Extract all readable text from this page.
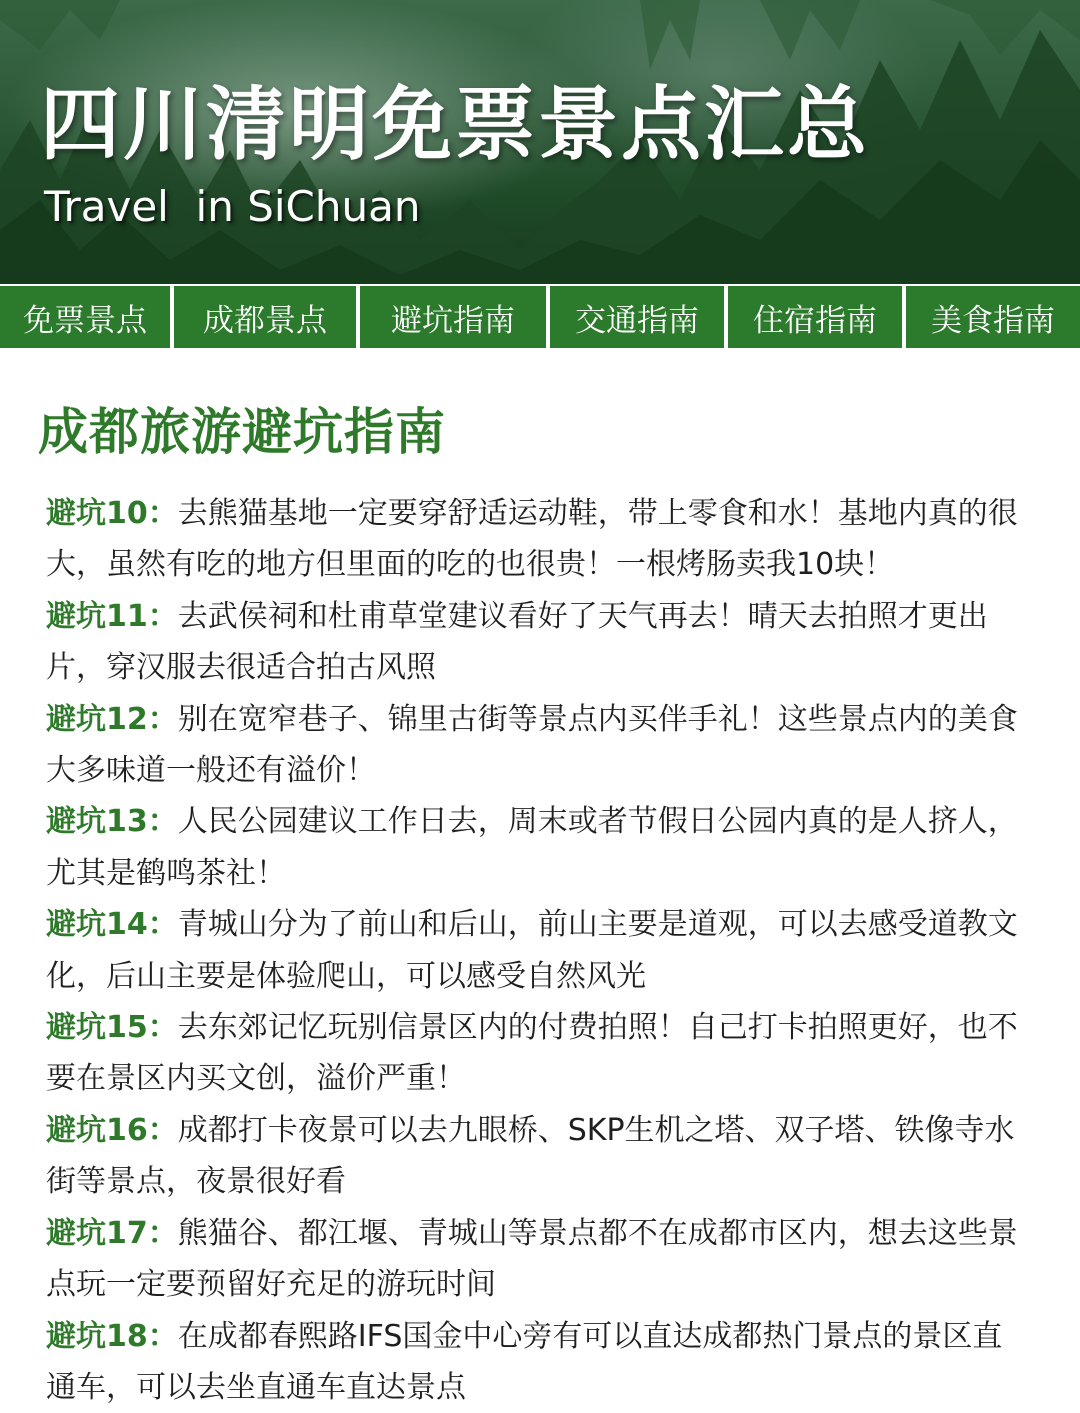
四川清明免票景点汇总
Travel  in SiChuan
免票景点	成都景点	避坑指南	交通指南	住宿指南	美食指南
成都旅游避坑指南

避坑10：去熊猫基地一定要穿舒适运动鞋，带上零食和水！基地内真的很大，虽然有吃的地方但里面的吃的也很贵！一根烤肠卖我10块！

避坑11：去武侯祠和杜甫草堂建议看好了天气再去！晴天去拍照才更出片，穿汉服去很适合拍古风照

避坑12：别在宽窄巷子、锦里古街等景点内买伴手礼！这些景点内的美食大多味道一般还有溢价！

避坑13：人民公园建议工作日去，周末或者节假日公园内真的是人挤人，尤其是鹤鸣茶社！

避坑14：青城山分为了前山和后山，前山主要是道观，可以去感受道教文化，后山主要是体验爬山，可以感受自然风光

避坑15：去东郊记忆玩别信景区内的付费拍照！自己打卡拍照更好，也不要在景区内买文创，溢价严重！

避坑16：成都打卡夜景可以去九眼桥、SKP生机之塔、双子塔、铁像寺水街等景点，夜景很好看

避坑17：熊猫谷、都江堰、青城山等景点都不在成都市区内，想去这些景点玩一定要预留好充足的游玩时间

避坑18：在成都春熙路IFS国金中心旁有可以直达成都热门景点的景区直通车，可以去坐直通车直达景点
